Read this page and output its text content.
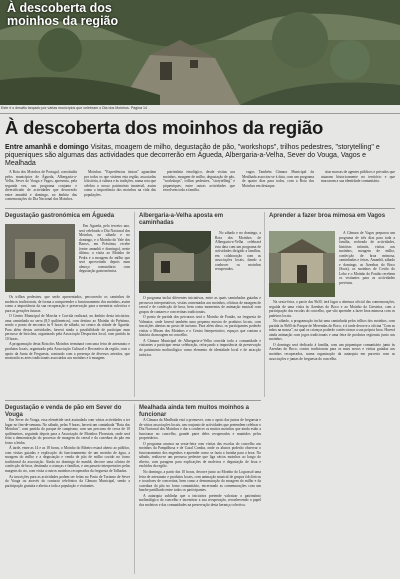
À descoberta dos
moinhos da região
Este é o desafio lançado por várias municípios que celebram o Dia dos Moinhos. Página 14
À descoberta dos moinhos da região
Entre amanhã e domingo Visitas, moagem de milho, degustação de pão, "workshops", trilhos pedestres, "storytelling" e piqueniques são algumas das actividades que decorrerão em Águeda, Albergaria-a-Velha, Sever do Vouga, Vagos e Mealhada

A Rota dos Moinhos de Portugal, constituída pelos municípios de Águeda, Albergaria-a-Velha, Sever do Vouga e Vagos, apresenta, pela segunda vez, um programa conjunto e diversificado de actividades que decorrerão entre amanhã e domingo, no âmbito das comemorações do Dia Nacional dos Moinhos.

Moinhos. "Experiências únicas" aguardam por todos os que visitem esta região, associadas à história, à cultura e às tradições, numa rota que celebra o nosso património imaterial, assim como a importância dos moinhos na vida das populações.

patrimônio etnológico, desde visitas aos moinhos, moagem de milho, degustação de pão, "workshops", trilhos pedestres, "storytelling" e piqueniques, entre outras actividades que envolvem toda a família.

vagos Também Câmara Municipal da Mealhada associou-se à data, com um programa de quatro dias para todos, com a Rota dos Moinhos em destaque.

sitar marcas de agentes públicos e privados que atuaram historicamente no território e que marcaram a sua identidade comunitária.

Degustação gastronómica em Águeda

Em Águeda, pelo terceiro ano, será celebrado o Dia Nacional dos Moinhos, no sábado e no domingo, e o Moinho do Vale dos Barros, em Préstimo, recebe (entre amanhã e domingo), neste último, a visita ao Moinho de Pedra e a moagem do milho que será aproveitado depois num almoço comunitário com degustação gastronómica.

Os trilhos pedestres, que serão apresentados, percorrerão os caminhos de moleiros tradicionais, de forma a compreender o funcionamento dos moinhos, assim como a importância da sua recuperação e preservação para a memória colectiva e para as gerações futuras.

O Centro Municipal de Marcha e Corrida realizará, no âmbito desta iniciativa, uma caminhada na serra (8,5 quilómetros), com destino ao Moinho do Préstimo, sendo o ponto de encontro às 9 horas de sábado, no centro da cidade de Águeda. Para além destas actividades, haverá ainda a possibilidade de participar num percurso de bicicleta, organizado pela Associação Desportiva local, com partida às 10 horas.

A programação desta Rota dos Moinhos terminará com uma feira de artesanato e produtos locais, organizada pela Associação Cultural e Recreativa da região, com o apoio da Junta de Freguesia, contando com a presença de diversos artesãos, que mostrarão as artes tradicionais associadas aos moinhos e à moagem.

Albergaria-a-Velha aposta em caminhadas

No sábado e no domingo, a Rota dos Moinhos de Albergaria-a-Velha celebrará esta data com um programa de actividades dirigido a famílias, em colaboração com as associações locais, dando a conhecer os moinhos recuperados.

O programa inclui diferentes iniciativas, entre as quais caminhadas guiadas e percursos interpretativos, visitas comentadas aos moinhos, oficinas de moagem de cereal e de confecção de broa, bem como momentos de animação musical com grupos de cantares e concertinas tradicionais.

O ponto de partida dos percursos será o Moinho de Fontão, na freguesia de Valmaior, onde haverá também uma pequena mostra de produtos locais, com inscrições abertas no posto de turismo. Para além disso, os participantes poderão visitar o Museu dos Moinhos e o Centro Interpretativo, espaços que contam a história da moagem no concelho.

A Câmara Municipal de Albergaria-a-Velha convida toda a comunidade e visitantes a participar nesta celebração, reforçando a importância da preservação do património molinológico como elemento de identidade local e de atracção turística.

Aprender a fazer broa mimosa em Vagos

A Câmara de Vagos preparou um programa de três dias para toda a família, recheado de actividades, histórias infantis, visitas aos moinhos, moagem de milho, confecção de broa mimosa, caminhadas e feiras. Amanhã, sábado e domingo, as Azenhas do Boco (Soza), os moinhos de Covão do Lobo e o Moinho do Fontão recebem os visitantes para as actividades previstas.

Na sexta-feira, a partir das 9h30, terá lugar a abertura oficial das comemorações, seguida de uma visita às Azenhas do Boco e ao Moinho da Giesteira, com a participação das escolas do concelho, que vão aprender a fazer broa mimosa com os padeiros locais.

No sábado, a programação inclui uma caminhada pelos trilhos dos moinhos, com partida às 9h00 do Parque de Merendas do Boco, e à tarde decorre a oficina "Com as mãos na massa", na qual as crianças poderão confeccionar a sua própria broa. Haverá ainda animação com jogos tradicionais e uma feira de produtos regionais junto aos moinhos.

O domingo será dedicado à família, com um piquenique comunitário junto às Azenhas do Boco, contos tradicionais para os mais novos e visitas guiadas aos moinhos recuperados, numa organização da autarquia em parceria com as associações e juntas de freguesia do concelho.

Degustação e venda de pão em Sever do Vouga

Em Sever do Vouga, essa efeméride será assinalada com várias actividades a ter lugar no fim-de-semana. No sábado, pelas 9 horas, haverá um caminhada "Rota dos Moinhos", com partida do parque de campismo, com um percurso de cerca de 10 quilómetros, seguindo depois para a Associação de Moinhos Florestais, onde será feita a demonstração do processo de moagem do cereal e da cozedura do pão em forno a lenha.

À tarde, entre as 14 e as 18 horas, o Moinho do Ribeiro estará aberto ao público, com visitas guiadas e explicação do funcionamento de um moinho de água, a moagem do milho e a degustação e venda de pão de milho cozido no forno tradicional da associação. Ainda no domingo de manhã, decorre uma oficina de confecção de broa, destinada a crianças e famílias, e um passeio interpretativo pelas margens do rio, com visita a outros moinhos recuperados da freguesia de Talhadas.

As inscrições para as actividades podem ser feitas no Posto de Turismo de Sever do Vouga ou através do contacto telefónico da Câmara Municipal, sendo a participação gratuita e aberta a toda a população e visitantes.

Mealhada ainda tem muitos moinhos a funcionar

A Câmara da Mealhada está a promover, com o apoio das juntas de freguesia e de várias associações locais, um conjunto de actividades que pretendem celebrar o Dia Nacional dos Moinhos e dar a conhecer os muitos moinhos que ainda estão a funcionar no concelho, grande parte deles recuperados e mantidos pelos proprietários.

O programa arranca na sexta-feira com visitas das escolas do concelho aos moinhos da Pampilhosa e de Casal Comba, onde os alunos poderão observar o funcionamento dos engenhos e aprender como se fazia a farinha para a broa. No sábado, realiza-se um percurso pedestre que liga vários moinhos ao longo do ribeiro, com paragens para explicações de moleiros e degustação de broa e enchidos da região.

No domingo, a partir das 10 horas, decorre junto ao Moinho do Lograssol uma feira de artesanato e produtos locais, com animação musical de grupos folclóricos e tocadores de concertina, bem como a demonstração da moagem do milho e da cozedura do pão no forno comunitário, encerrando as comemorações com um lanche partilhado entre todos os participantes.

A autarquia sublinha que a iniciativa pretende valorizar o património molinológico do concelho e incentivar a sua recuperação, reconhecendo o papel dos moleiros e das comunidades na preservação desta herança colectiva.
